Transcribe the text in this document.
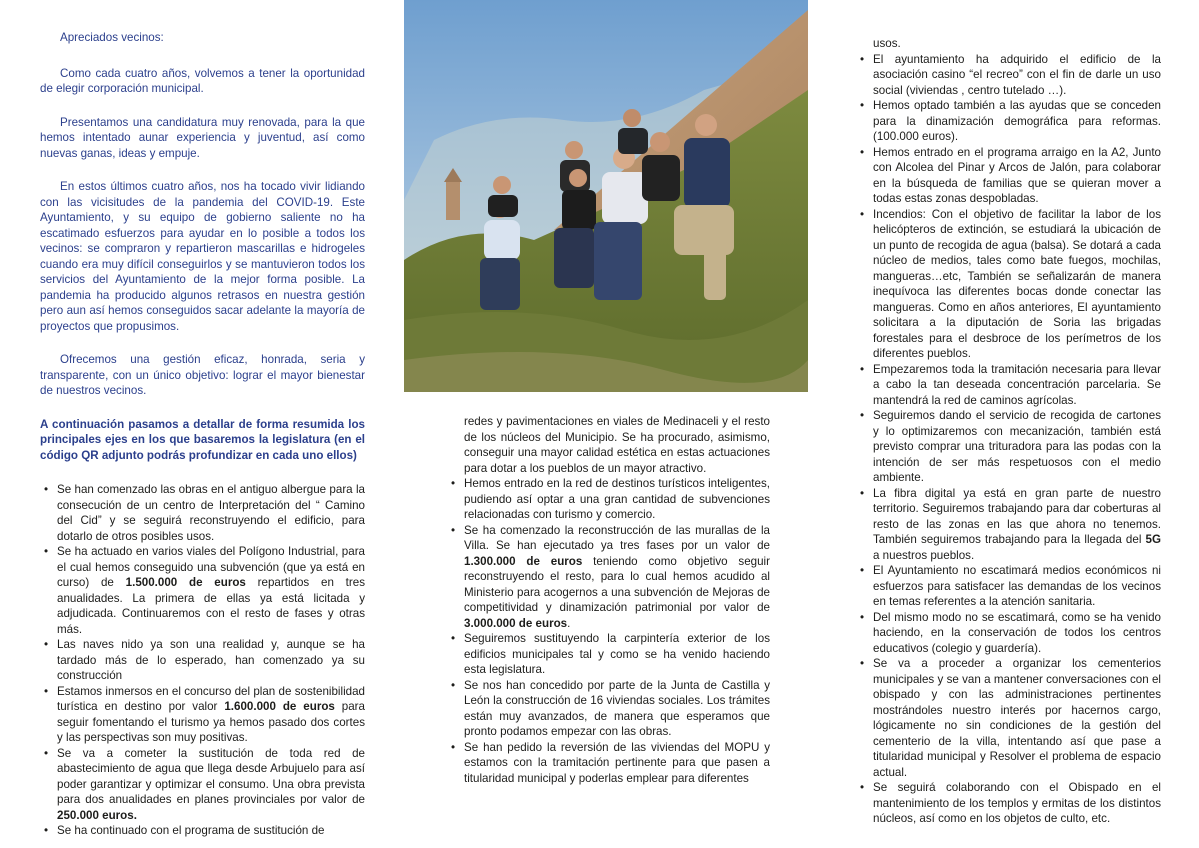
Apreciados vecinos:

Como cada cuatro años, volvemos a tener la oportunidad de elegir corporación municipal.

Presentamos una candidatura muy renovada, para la que hemos intentado aunar experiencia y juventud, así como nuevas ganas, ideas y empuje.

En estos últimos cuatro años, nos ha tocado vivir lidiando con las vicisitudes de la pandemia del COVID-19. Este Ayuntamiento, y su equipo de gobierno saliente no ha escatimado esfuerzos para ayudar en lo posible a todos los vecinos: se compraron y repartieron mascarillas e hidrogeles cuando era muy difícil conseguirlos y se mantuvieron todos los servicios del Ayuntamiento de la mejor forma posible. La pandemia ha producido algunos retrasos en nuestra gestión pero aun así hemos conseguidos sacar adelante la mayoría de proyectos que propusimos.

Ofrecemos una gestión eficaz, honrada, seria y transparente, con un único objetivo: lograr el mayor bienestar de nuestros vecinos.

A continuación pasamos a detallar de forma resumida los principales ejes en los que basaremos la legislatura (en el código QR adjunto podrás profundizar en cada uno ellos)

• Se han comenzado las obras en el antiguo albergue para la consecución de un centro de Interpretación del “ Camino del Cid” y se seguirá reconstruyendo el edificio, para dotarlo de otros posibles usos.
• Se ha actuado en varios viales del Polígono Industrial, para el cual hemos conseguido una subvención (que ya está en curso) de 1.500.000 de euros repartidos en tres anualidades. La primera de ellas ya está licitada y adjudicada. Continuaremos con el resto de fases y otras más.
• Las naves nido ya son una realidad y, aunque se ha tardado más de lo esperado, han comenzado ya su construcción
• Estamos inmersos en el concurso del plan de sostenibilidad turística en destino por valor 1.600.000 de euros para seguir fomentando el turismo ya hemos pasado dos cortes y las perspectivas son muy positivas.
• Se va a cometer la sustitución de toda red de abastecimiento de agua que llega desde Arbujuelo para así poder garantizar y optimizar el consumo. Una obra prevista para dos anualidades en planes provinciales por valor de 250.000 euros.
• Se ha continuado con el programa de sustitución de
redes y pavimentaciones en viales de Medinaceli y el resto de los núcleos del Municipio. Se ha procurado, asimismo, conseguir una mayor calidad estética en estas actuaciones para dotar a los pueblos de un mayor atractivo.
• Hemos entrado en la red de destinos turísticos inteligentes, pudiendo así optar a una gran cantidad de subvenciones relacionadas con turismo y comercio.
• Se ha comenzado la reconstrucción de las murallas de la Villa. Se han ejecutado ya tres fases por un valor de 1.300.000 de euros teniendo como objetivo seguir reconstruyendo el resto, para lo cual hemos acudido al Ministerio para acogernos a una subvención de Mejoras de competitividad y dinamización patrimonial por valor de 3.000.000 de euros.
• Seguiremos sustituyendo la carpintería exterior de los edificios municipales tal y como se ha venido haciendo esta legislatura.
• Se nos han concedido por parte de la Junta de Castilla y León la construcción de 16 viviendas sociales. Los trámites están muy avanzados, de manera que esperamos que pronto podamos empezar con las obras.
• Se han pedido la reversión de las viviendas del MOPU y estamos con la tramitación pertinente para que pasen a titularidad municipal y poderlas emplear para diferentes
usos.
• El ayuntamiento ha adquirido el edificio de la asociación casino “el recreo” con el fin de darle un uso social (viviendas , centro tutelado …).
• Hemos optado también a las ayudas que se conceden para la dinamización demográfica para reformas. (100.000 euros).
• Hemos entrado en el programa arraigo en la A2, Junto con Alcolea del Pinar y Arcos de Jalón, para colaborar en la búsqueda de familias que se quieran mover a todas estas zonas despobladas.
• Incendios: Con el objetivo de facilitar la labor de los helicópteros de extinción, se estudiará la ubicación de un punto de recogida de agua (balsa). Se dotará a cada núcleo de medios, tales como bate fuegos, mochilas, mangueras…etc, También se señalizarán de manera inequívoca las diferentes bocas donde conectar las mangueras. Como en años anteriores, El ayuntamiento solicitara a la diputación de Soria las brigadas forestales para el desbroce de los perímetros de los diferentes pueblos.
• Empezaremos toda la tramitación necesaria para llevar a cabo la tan deseada concentración parcelaria. Se mantendrá la red de caminos agrícolas.
• Seguiremos dando el servicio de recogida de cartones y lo optimizaremos con mecanización, también está previsto comprar una trituradora para las podas con la intención de ser más respetuosos con el medio ambiente.
• La fibra digital ya está en gran parte de nuestro territorio. Seguiremos trabajando para dar coberturas al resto de las zonas en las que ahora no tenemos. También seguiremos trabajando para la llegada del 5G a nuestros pueblos.
• El Ayuntamiento no escatimará medios económicos ni esfuerzos para satisfacer las demandas de los vecinos en temas referentes a la atención sanitaria.
• Del mismo modo no se escatimará, como se ha venido haciendo, en la conservación de todos los centros educativos (colegio y guardería).
• Se va a proceder a organizar los cementerios municipales y se van a mantener conversaciones con el obispado y con las administraciones pertinentes mostrándoles nuestro interés por hacernos cargo, lógicamente no sin condiciones de la gestión del cementerio de la villa, intentando así que pase a titularidad municipal y Resolver el problema de espacio actual.
• Se seguirá colaborando con el Obispado en el mantenimiento de los templos y ermitas de los distintos núcleos, así como en los objetos de culto, etc.
